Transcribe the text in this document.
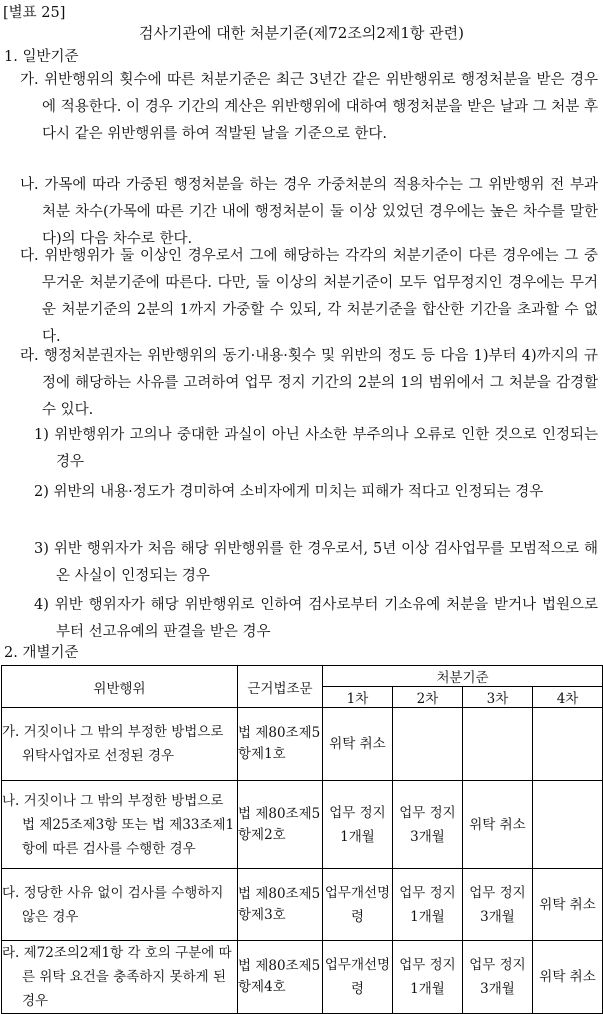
[별표 25]
검사기관에 대한 처분기준(제72조의2제1항 관련)
1. 일반기준
가. 위반행위의 횟수에 따른 처분기준은 최근 3년간 같은 위반행위로 행정처분을 받은 경우에 적용한다. 이 경우 기간의 계산은 위반행위에 대하여 행정처분을 받은 날과 그 처분 후 다시 같은 위반행위를 하여 적발된 날을 기준으로 한다.
나. 가목에 따라 가중된 행정처분을 하는 경우 가중처분의 적용차수는 그 위반행위 전 부과처분 차수(가목에 따른 기간 내에 행정처분이 둘 이상 있었던 경우에는 높은 차수를 말한다)의 다음 차수로 한다.
다. 위반행위가 둘 이상인 경우로서 그에 해당하는 각각의 처분기준이 다른 경우에는 그 중 무거운 처분기준에 따른다. 다만, 둘 이상의 처분기준이 모두 업무정지인 경우에는 무거운 처분기준의 2분의 1까지 가중할 수 있되, 각 처분기준을 합산한 기간을 초과할 수 없다.
라. 행정처분권자는 위반행위의 동기·내용·횟수 및 위반의 정도 등 다음 1)부터 4)까지의 규정에 해당하는 사유를 고려하여 업무 정지 기간의 2분의 1의 범위에서 그 처분을 감경할 수 있다.
1) 위반행위가 고의나 중대한 과실이 아닌 사소한 부주의나 오류로 인한 것으로 인정되는 경우
2) 위반의 내용·정도가 경미하여 소비자에게 미치는 피해가 적다고 인정되는 경우
3) 위반 행위자가 처음 해당 위반행위를 한 경우로서, 5년 이상 검사업무를 모범적으로 해 온 사실이 인정되는 경우
4) 위반 행위자가 해당 위반행위로 인하여 검사로부터 기소유예 처분을 받거나 법원으로부터 선고유예의 판결을 받은 경우
2. 개별기준
위반행위	근거법조문	처분기준			
		1차	2차	3차	4차

가. 거짓이나 그 밖의 부정한 방법으로 위탁사업자로 선정된 경우	법 제80조제5항제1호	위탁 취소			

나. 거짓이나 그 밖의 부정한 방법으로 법 제25조제3항 또는 법 제33조제1항에 따른 검사를 수행한 경우	법 제80조제5항제2호	업무 정지 1개월	업무 정지 3개월	위탁 취소	

다. 정당한 사유 없이 검사를 수행하지 않은 경우	법 제80조제5항제3호	업무개선명령	업무 정지 1개월	업무 정지 3개월	위탁 취소

라. 제72조의2제1항 각 호의 구분에 따른 위탁 요건을 충족하지 못하게 된 경우	법 제80조제5항제4호	업무개선명령	업무 정지 1개월	업무 정지 3개월	위탁 취소
